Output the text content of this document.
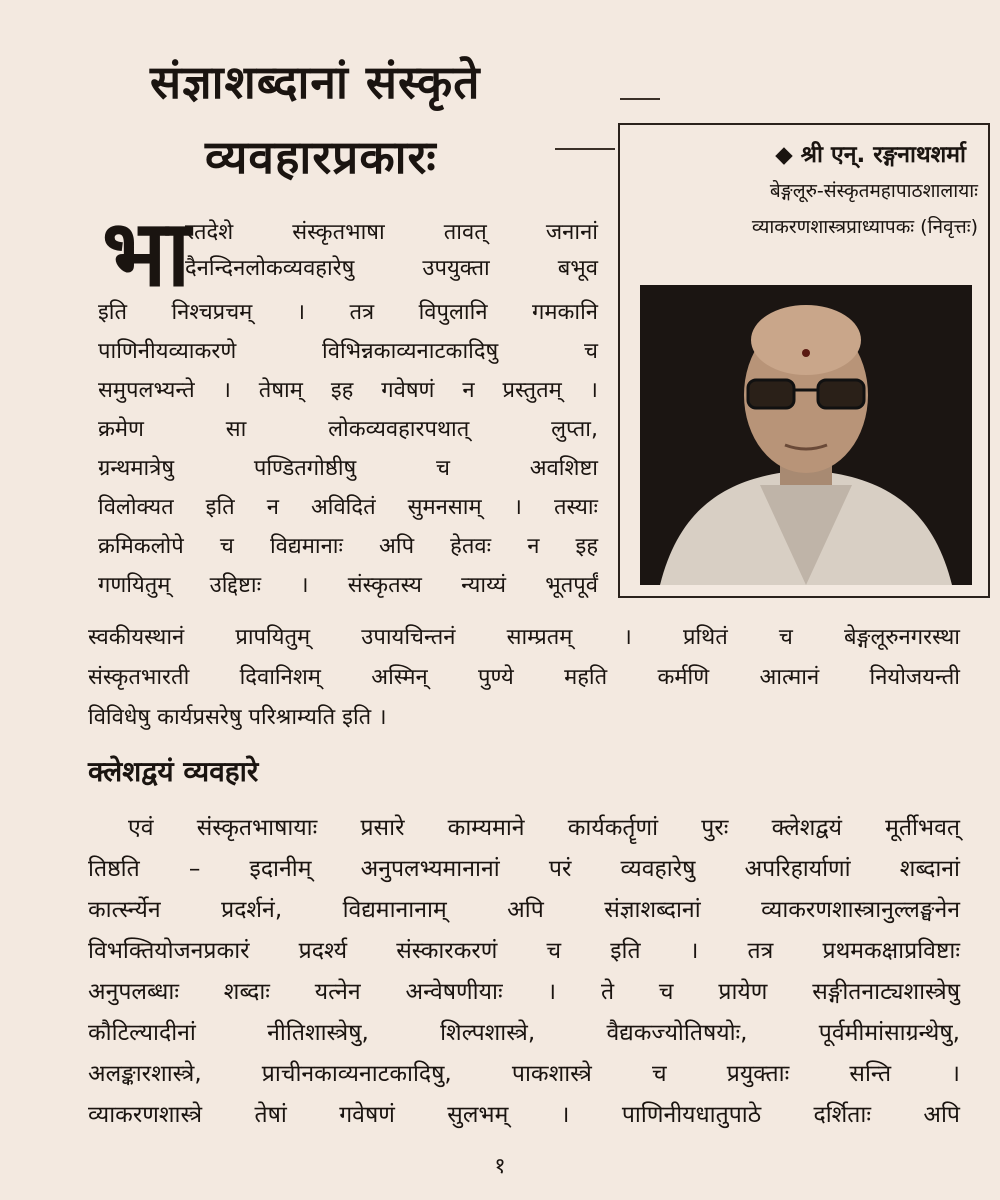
संज्ञाशब्दानां संस्कृते
व्यवहारप्रकारः	◆ श्री एन्. रङ्गनाथशर्मा
बेङ्गलूरु-संस्कृतमहापाठशालायाः
व्याकरणशास्त्रप्राध्यापकः (निवृत्तः)
भा
रतदेशे संस्कृतभाषा तावत् जनानां
दैनन्दिनलोकव्यवहारेषु उपयुक्ता बभूव
इति निश्चप्रचम् । तत्र विपुलानि गमकानि
पाणिनीयव्याकरणे विभिन्नकाव्यनाटकादिषु च
समुपलभ्यन्ते । तेषाम् इह गवेषणं न प्रस्तुतम् ।
क्रमेण सा लोकव्यवहारपथात् लुप्ता,
ग्रन्थमात्रेषु पण्डितगोष्ठीषु च अवशिष्टा
विलोक्यत इति न अविदितं सुमनसाम् । तस्याः
क्रमिकलोपे च विद्यमानाः अपि हेतवः न इह
गणयितुम् उद्दिष्टाः । संस्कृतस्य न्याय्यं भूतपूर्वं
स्वकीयस्थानं प्रापयितुम् उपायचिन्तनं साम्प्रतम् । प्रथितं च बेङ्गलूरुनगरस्था
संस्कृतभारती दिवानिशम् अस्मिन् पुण्ये महति कर्मणि आत्मानं नियोजयन्ती
विविधेषु कार्यप्रसरेषु परिश्राम्यति इति ।
क्लेशद्वयं व्यवहारे
एवं संस्कृतभाषायाः प्रसारे काम्यमाने कार्यकर्तॄणां पुरः क्लेशद्वयं मूर्तीभवत्
तिष्ठति – इदानीम् अनुपलभ्यमानानां परं व्यवहारेषु अपरिहार्याणां शब्दानां
कार्त्स्न्येन प्रदर्शनं, विद्यमानानाम् अपि संज्ञाशब्दानां व्याकरणशास्त्रानुल्लङ्घनेन
विभक्तियोजनप्रकारं प्रदर्श्य संस्कारकरणं च इति । तत्र प्रथमकक्षाप्रविष्टाः
अनुपलब्धाः शब्दाः यत्नेन अन्वेषणीयाः । ते च प्रायेण सङ्गीतनाट्यशास्त्रेषु
कौटिल्यादीनां नीतिशास्त्रेषु, शिल्पशास्त्रे, वैद्यकज्योतिषयोः, पूर्वमीमांसाग्रन्थेषु,
अलङ्कारशास्त्रे, प्राचीनकाव्यनाटकादिषु, पाकशास्त्रे च प्रयुक्ताः सन्ति ।
व्याकरणशास्त्रे तेषां गवेषणं सुलभम् । पाणिनीयधातुपाठे दर्शिताः अपि
१
